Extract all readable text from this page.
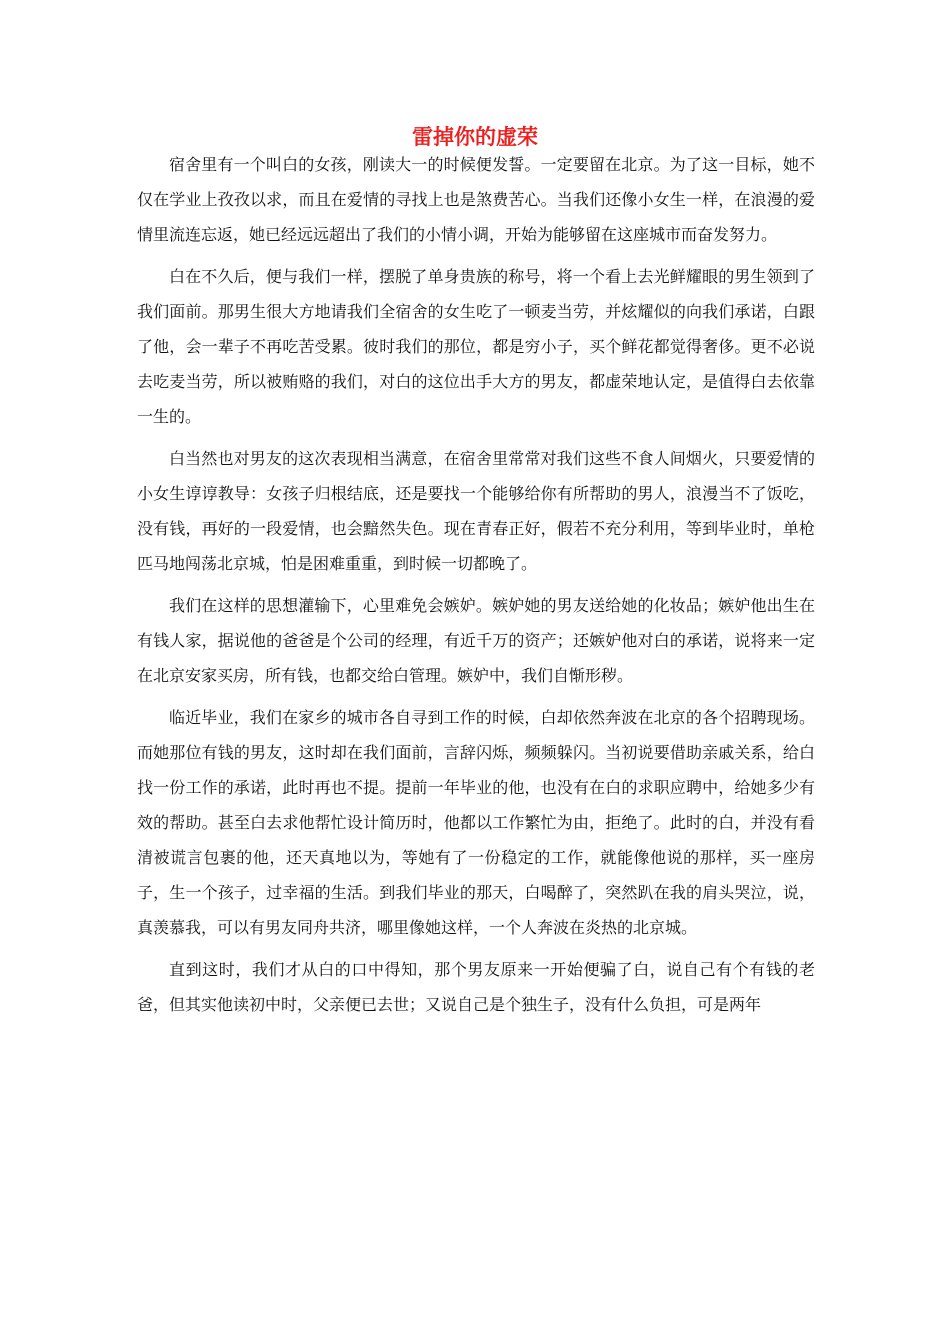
雷掉你的虚荣

宿舍里有一个叫白的女孩，刚读大一的时候便发誓。一定要留在北京。为了这一目标，她不仅在学业上孜孜以求，而且在爱情的寻找上也是煞费苦心。当我们还像小女生一样，在浪漫的爱情里流连忘返，她已经远远超出了我们的小情小调，开始为能够留在这座城市而奋发努力。

白在不久后，便与我们一样，摆脱了单身贵族的称号，将一个看上去光鲜耀眼的男生领到了我们面前。那男生很大方地请我们全宿舍的女生吃了一顿麦当劳，并炫耀似的向我们承诺，白跟了他，会一辈子不再吃苦受累。彼时我们的那位，都是穷小子，买个鲜花都觉得奢侈。更不必说去吃麦当劳，所以被贿赂的我们，对白的这位出手大方的男友，都虚荣地认定，是值得白去依靠一生的。

白当然也对男友的这次表现相当满意，在宿舍里常常对我们这些不食人间烟火，只要爱情的小女生谆谆教导：女孩子归根结底，还是要找一个能够给你有所帮助的男人，浪漫当不了饭吃，没有钱，再好的一段爱情，也会黯然失色。现在青春正好，假若不充分利用，等到毕业时，单枪匹马地闯荡北京城，怕是困难重重，到时候一切都晚了。

我们在这样的思想灌输下，心里难免会嫉妒。嫉妒她的男友送给她的化妆品；嫉妒他出生在有钱人家，据说他的爸爸是个公司的经理，有近千万的资产；还嫉妒他对白的承诺，说将来一定在北京安家买房，所有钱，也都交给白管理。嫉妒中，我们自惭形秽。

临近毕业，我们在家乡的城市各自寻到工作的时候，白却依然奔波在北京的各个招聘现场。而她那位有钱的男友，这时却在我们面前，言辞闪烁，频频躲闪。当初说要借助亲戚关系，给白找一份工作的承诺，此时再也不提。提前一年毕业的他，也没有在白的求职应聘中，给她多少有效的帮助。甚至白去求他帮忙设计简历时，他都以工作繁忙为由，拒绝了。此时的白，并没有看清被谎言包裹的他，还天真地以为，等她有了一份稳定的工作，就能像他说的那样，买一座房子，生一个孩子，过幸福的生活。到我们毕业的那天，白喝醉了，突然趴在我的肩头哭泣，说，真羡慕我，可以有男友同舟共济，哪里像她这样，一个人奔波在炎热的北京城。

直到这时，我们才从白的口中得知，那个男友原来一开始便骗了白，说自己有个有钱的老爸，但其实他读初中时，父亲便已去世；又说自己是个独生子，没有什么负担，可是两年
